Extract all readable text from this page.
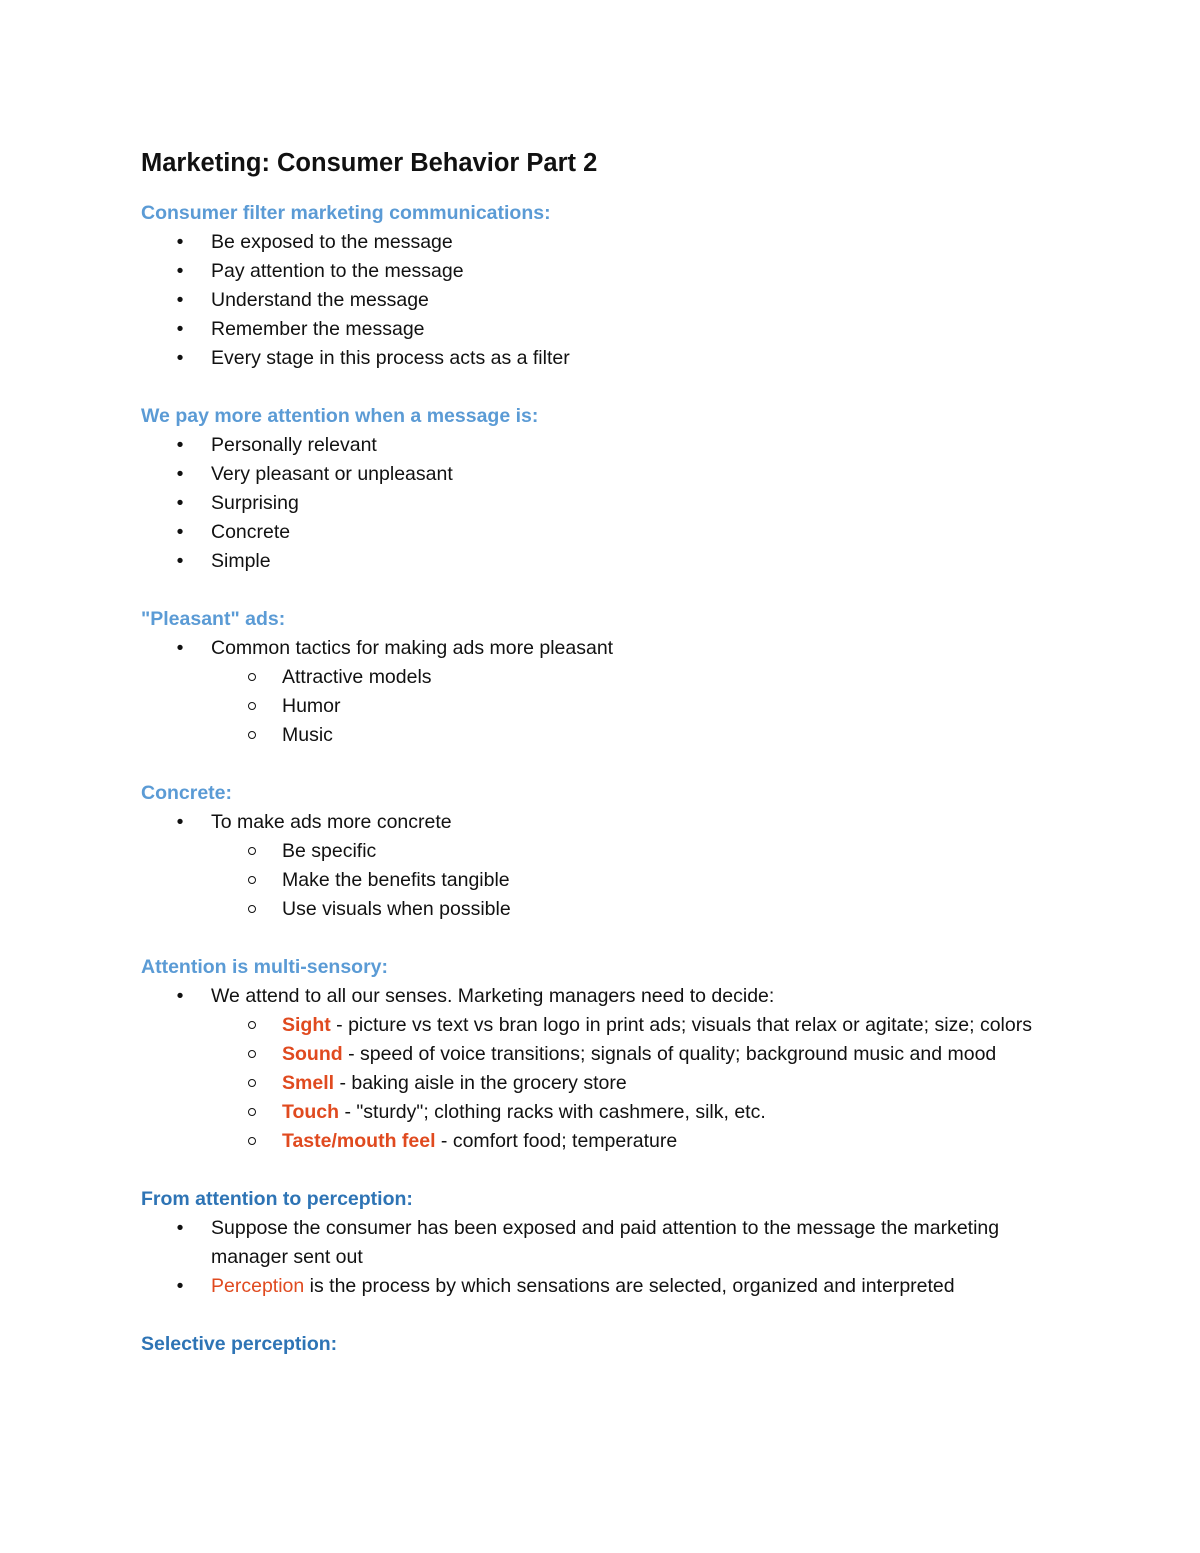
Marketing: Consumer Behavior Part 2
Consumer filter marketing communications:
• Be exposed to the message
• Pay attention to the message
• Understand the message
• Remember the message
• Every stage in this process acts as a filter
We pay more attention when a message is:
• Personally relevant
• Very pleasant or unpleasant
• Surprising
• Concrete
• Simple
"Pleasant" ads:
• Common tactics for making ads more pleasant
Attractive models
Humor
Music
Concrete:
• To make ads more concrete
Be specific
Make the benefits tangible
Use visuals when possible
Attention is multi-sensory:
• We attend to all our senses. Marketing managers need to decide:
Sight - picture vs text vs bran logo in print ads; visuals that relax or agitate; size; colors
Sound - speed of voice transitions; signals of quality; background music and mood
Smell - baking aisle in the grocery store
Touch - "sturdy"; clothing racks with cashmere, silk, etc.
Taste/mouth feel - comfort food; temperature
From attention to perception:
• Suppose the consumer has been exposed and paid attention to the message the marketing manager sent out
• Perception is the process by which sensations are selected, organized and interpreted
Selective perception:
